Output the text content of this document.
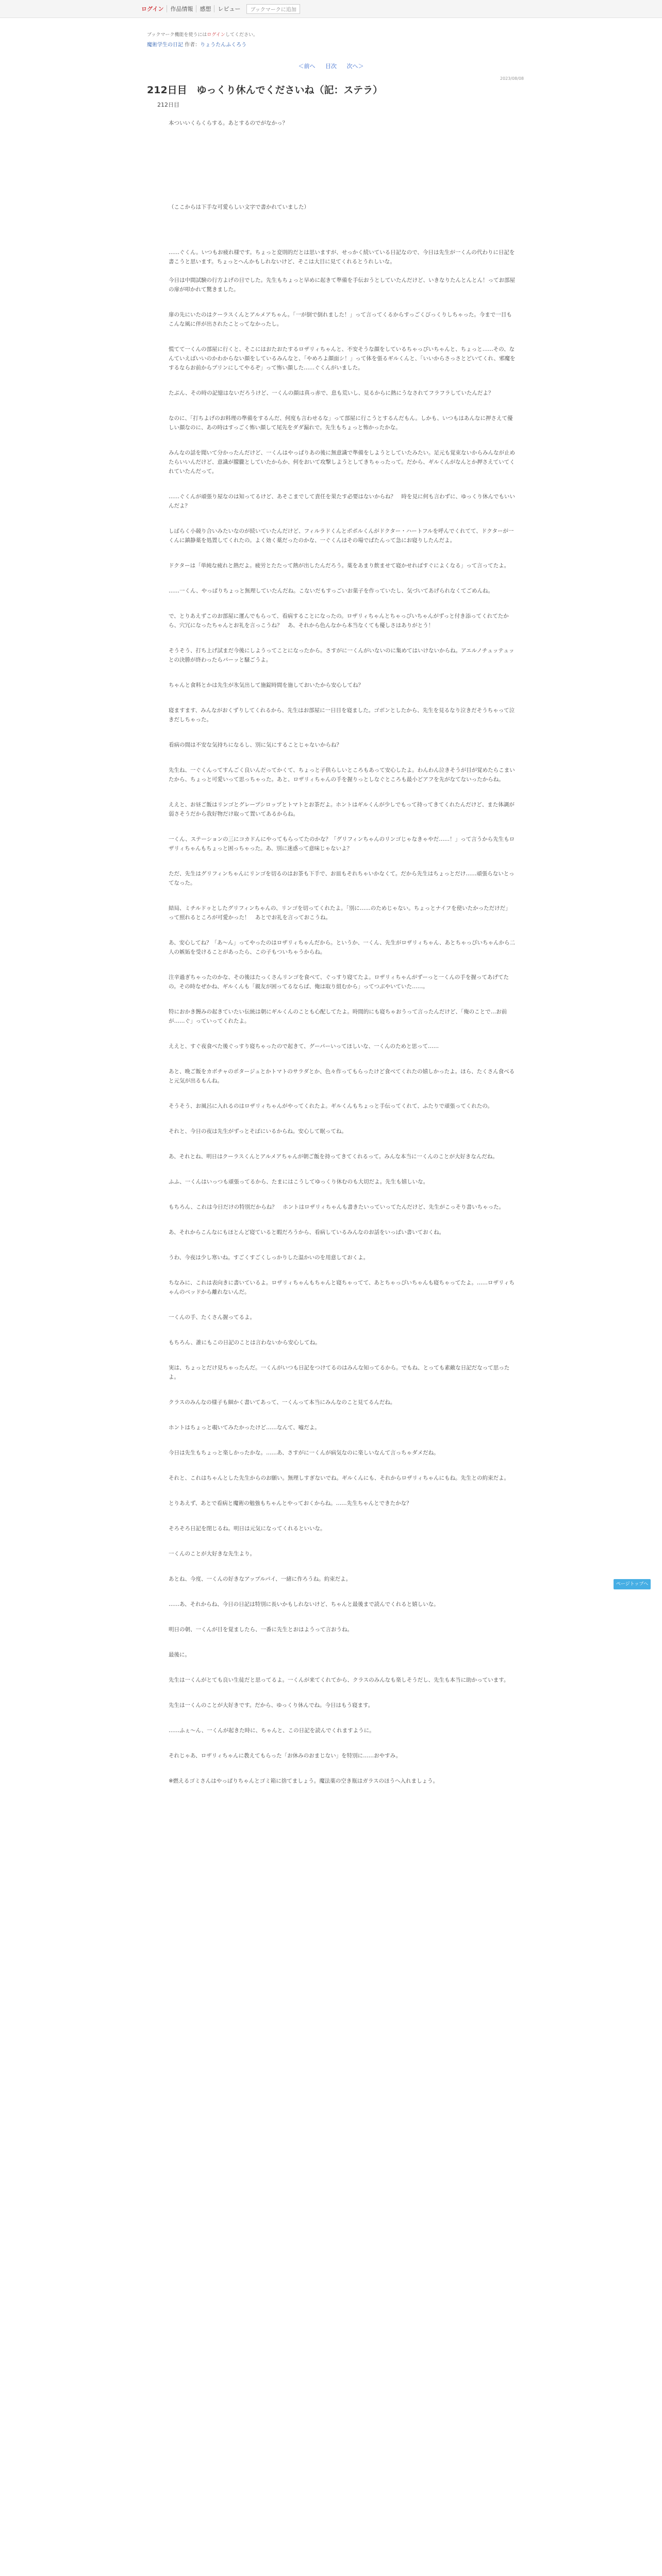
ログイン	作品情報	感想	レビュー	ブックマークに追加
ブックマーク機能を使うにはログインしてください。
魔術学生の日記 作者：りょうたんふくろう
＜前へ 目次 次へ＞
2023/08/08
212日目　ゆっくり休んでくださいね（記：ステラ）
212日目

本ついいくらくらする。あとするのでがなかっ？

（ここからは下手な可愛らしい文字で書かれていました）

……ぐくん。いつもお疲れ様です。ちょっと変則的だとは思いますが、せっかく続いている日記なので、今日は先生が一くんの代わりに日記を書こうと思います。ちょっとへんかもしれないけど、そこは大目に見てくれるとうれしいな。

今日は中間試験の行方よげの日でした。先生もちょっと早めに起きて準備を手伝おうとしていたんだけど、いきなりたんとんとん！ってお部屋の扉が叩かれて驚きました。

扉の先にいたのはクーラスくんとアルメアちゃん。「一が倒で倒れました！」って言ってくるからすっごくびっくりしちゃった。今まで一目もこんな風に伴が出されたことってなかったし。

慌てて一くんの部屋に行くと、そこにはおたおたするロザリィちゃんと、不安そうな顔をしているちゃっぴいちゃんと、ちょっと……その、なんていえばいいのかわからない顔をしているみんなと、「やめろよ顔面シ！」って体を張るギルくんと、「いいからさっさとどいてくれ、邪魔をするならお前からプリンにしてやるぞ」って怖い顔した……ぐくんがいました。

たぶん、その時の記憶はないだろうけど、一くんの顔は真っ赤で、息も荒いし、見るからに熱にうなされてフラフラしていたんだよ？

なのに、「打ちよげのお料理の準備をするんだ、何度も言わせるな」って部屋に行こうとするんだもん。しかも、いつもはあんなに押さえて優しい顔なのに、あの時はすっごく怖い顔して尾先をダダ漏れで。先生もちょっと怖かったかな。

みんなの話を聞いて分かったんだけど、一くんはやっぱりあの後に無意識で準備をしようとしていたみたい。足元も覚束ないからみんなが止めたらいいんだけど、意識が朦朧としていたからか、何をおいて攻撃しようとしてきちゃったって。だから、ギルくんがなんとか押さえていてくれていたんだって。

……ぐくんが頑張り屋なのは知ってるけど、あそこまでして責任を果たす必要はないからね？　時を見に何も言わずに、ゆっくり休んでもいいんだよ？

しばらく小競り合いみたいなのが続いていたんだけど、フィルラドくんとポポルくんがドクター・ハートフルを呼んでくれてて、ドクターが一くんに鎮静薬を処置してくれたの。よく効く薬だったのかな、一ぐくんはその場でぱたんって急にお寝りしたんだよ。

ドクターは「単純な疲れと熱だよ。疲労とたたって熱が出したんだろう。薬をあまり飲ませて寝かせればすぐによくなる」って言ってたよ。

……一くん、やっぱりちょっと無理していたんだね。こないだもすっごいお菓子を作っていたし、気づいてあげられなくてごめんね。

で、とりあえずこのお部屋に運んでもらって、看病することになったの。ロザリィちゃんとちゃっぴいちゃんがずっと付き添ってくれてたから、穴冗になったちゃんとお礼を言っこうね？　あ、それから色んなから本当なくても優しさはありがとう！

そうそう、打ち上げ試まだ今後にしようってことになったから。さすがに一くんがいないのに集めてはいけないからね。アエルノチュッテュッとの決勝が終わったらパーッと騒ごうよ。

ちゃんと食料とかは先生が氷気出して施錠時間を施しておいたから安心してね？

寝ますます、みんながおくずりしてくれるから、先生はお部屋に一日目を寝ました。ゴボンとしたから、先生を見るなり泣きだそうちゃって泣きだしちゃった。

看病の間は不安な気持ちになるし、別に気にすることじゃないからね？

先生ね、一ぐくんってすんごく良いんだってかくて、ちょっと子供らしいところもあって安心したよ。わんわん泣きそうが目が覚めたらこまいたから、ちょっと可愛いって思っちゃった。あと、ロザリィちゃんの手を握りっとしなぐところも最小どアフを先がなてないったからね。

ええと、お昼ご飯はリンゴとグレープシロップとトマトとお茶だよ。ホントはギルくんが少しでもって持ってきてくれたんだけど、また体調が弱さそうだから我好物だけ取って置いてあるからね。

一くん、ステーションの三にコカドんにやってもらってたのかな？「グリフィンちゃんのリンゴじゃなきゃやだ……！」って言うから先生もロザリィちゃんもちょっと困っちゃった。あ、別に迷惑って意味じゃないよ？

ただ、先生はグリフィンちゃんにリンゴを切るのはお茶も下手で、お皿もそれちゃいかなくて。だから先生はちょっとだけ……頑張らないとってなった。

結局、ミチルドゥとしたグリフィンちゃんの、リンゴを切ってくれたよ。「別に……のためじゃない。ちょっとナイフを使いたかっただけだ」って照れるところが可愛かった！　あとでお礼を言っておこうね。

あ、安心してね？「あ～ん」ってやったのはロザリィちゃんだから。というか、一くん、先生がロザリィちゃん、あとちゃっぴいちゃんから二人の嫉妬を受けることがあったら、この子もついちゃうからね。

注辛過ぎちゃったのかな、その後はたっくさんリンゴを食べて、ぐっすり寝てたよ。ロザリィちゃんがずーっと一くんの手を握ってあげてたの。その時なぜかね、ギルくんも「親友が困ってるならば、俺は取り組むから」ってつぶやいていた……。

特におかき饅みの起きていたい伝統は朝にギルくんのことも心配してたよ。時間的にも寝ちゃおうって言ったんだけど、「俺のことで…お前が……ぐ」っていってくれたよ。

ええと、すぐ夜食べた後ぐっすり寝ちゃったので起きて、グーパーいってほしいな、一くんのためと思って……

あと、晩ご飯をカボチャのポタージュとかトマトのサラダとか、色々作ってもらったけど食べてくれたの嬉しかったよ。ほら、たくさん食べると元気が出るもんね。

そうそう、お風呂に入れるのはロザリィちゃんがやってくれたよ。ギルくんもちょっと手伝ってくれて、ふたりで頑張ってくれたの。

それと、今日の夜は先生がずっとそばにいるからね。安心して眠ってね。

あ、それとね、明日はクーラスくんとアルメアちゃんが朝ご飯を持ってきてくれるって。みんな本当に一くんのことが大好きなんだね。

ふふ、一くんはいっつも頑張ってるから、たまにはこうしてゆっくり休むのも大切だよ。先生も嬉しいな。

もちろん、これは今日だけの特別だからね？　ホントはロザリィちゃんも書きたいっていってたんだけど、先生がこっそり書いちゃった。

あ、それからこんなにもほとんど寝ていると暇だろうから、看病しているみんなのお話をいっぱい書いておくね。

うわ、今夜は少し寒いね。すごくすごくしっかりした温かいのを用意しておくよ。

ちなみに、これは表向きに書いているよ。ロザリィちゃんもちゃんと寝ちゃってて、あとちゃっぴいちゃんも寝ちゃってたよ。……ロザリィちゃんのベッドから離れないんだ。

一くんの手、たくさん握ってるよ。

もちろん、誰にもこの日記のことは言わないから安心してね。

実は、ちょっとだけ見ちゃったんだ。一くんがいつも日記をつけてるのはみんな知ってるから。でもね、とっても素敵な日記だなって思ったよ。

クラスのみんなの様子も細かく書いてあって、一くんって本当にみんなのこと見てるんだね。

ホントはちょっと覗いてみたかったけど……なんて、嘘だよ。

今日は先生もちょっと楽しかったかな。……あ、さすがに一くんが病気なのに楽しいなんて言っちゃダメだね。

それと、これはちゃんとした先生からのお願い。無理しすぎないでね。ギルくんにも、それからロザリィちゃんにもね。先生との約束だよ。

とりあえず、あとで看病と魔術の勉強もちゃんとやっておくからね。……先生ちゃんとできたかな？

そろそろ日記を閉じるね。明日は元気になってくれるといいな。

一くんのことが大好きな先生より。

あとね、今度、一くんの好きなアップルパイ、一緒に作ろうね。約束だよ。

……あ、それからね、今日の日記は特別に長いかもしれないけど、ちゃんと最後まで読んでくれると嬉しいな。

明日の朝、一くんが目を覚ましたら、一番に先生とおはようって言おうね。

最後に。

先生は一くんがとても良い生徒だと思ってるよ。一くんが来てくれてから、クラスのみんなも楽しそうだし、先生も本当に助かっています。

先生は一くんのことが大好きです。だから、ゆっくり休んでね。今日はもう寝ます。

……ふぇ～ん、一くんが起きた時に、ちゃんと、この日記を読んでくれますように。

それじゃあ、ロザリィちゃんに教えてもらった「お休みのおまじない」を特別に……おやすみ。

※燃えるゴミさんはやっぱりちゃんとゴミ箱に捨てましょう。魔法薬の空き瓶はガラスのほうへ入れましょう。

ページトップへ
